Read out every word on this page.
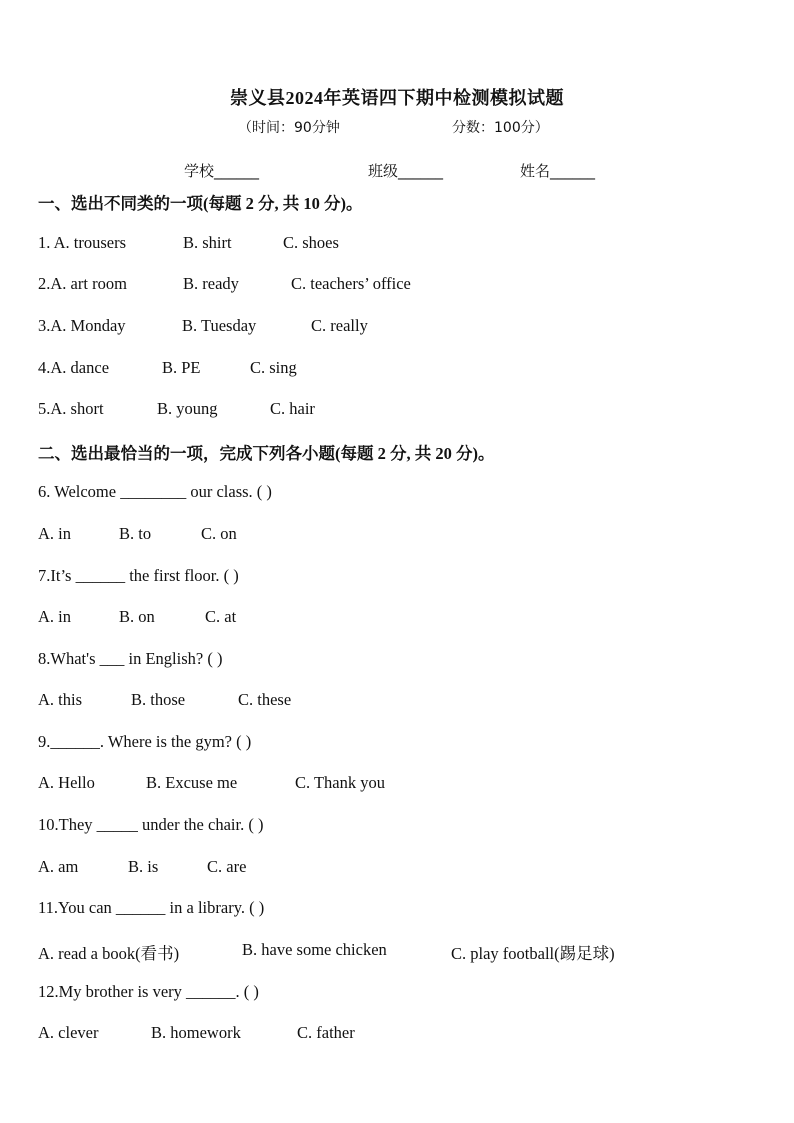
崇义县2024年英语四下期中检测模拟试题
（时间：90分钟	分数：100分）
学校______	班级______	姓名______
一、选出不同类的一项(每题 2 分, 共 10 分)。
1. A. trousers	B. shirt	C. shoes
2.A. art room	B. ready	C. teachers’ office
3.A. Monday	B. Tuesday	C. really
4.A. dance	B. PE	C. sing
5.A. short	B. young	C. hair
二、选出最恰当的一项，完成下列各小题(每题 2 分, 共 20 分)。
6. Welcome ________ our class. ( )
A. in	B. to	C. on
7.It’s ______ the first floor. ( )
A. in	B. on	C. at
8.What's ___ in English? ( )
A. this	B. those	C. these
9.______. Where is the gym? ( )
A. Hello	B. Excuse me	C. Thank you
10.They _____ under the chair. ( )
A. am	B. is	C. are
11.You can ______ in a library. ( )
A. read a book(看书)	B. have some chicken	C. play football(踢足球)
12.My brother is very ______. ( )
A. clever	B. homework	C. father
